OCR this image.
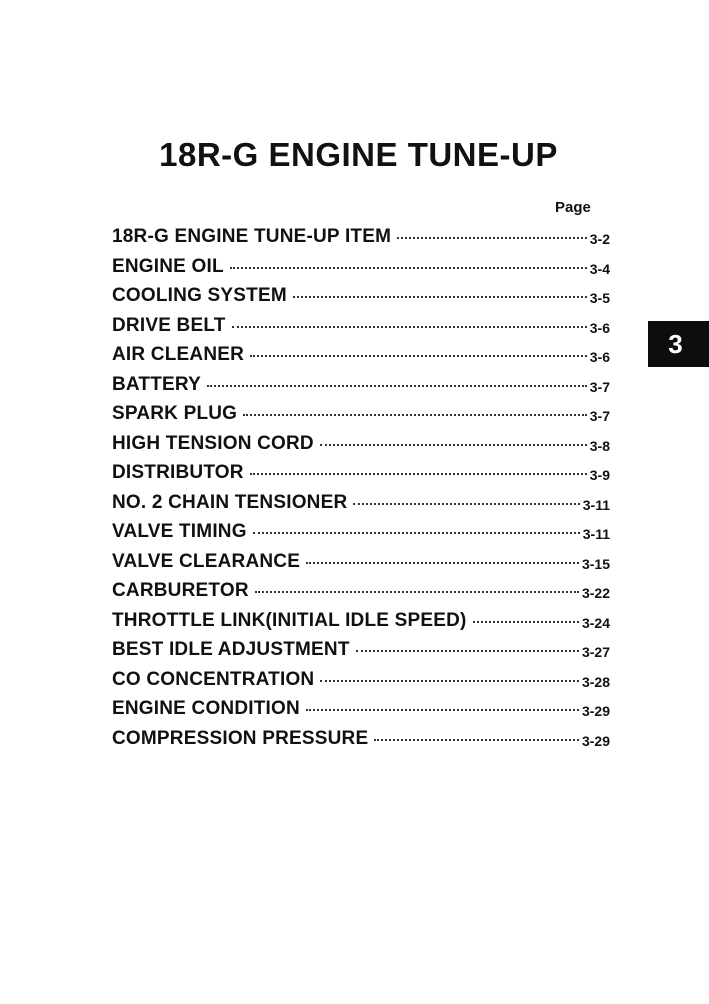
18R-G ENGINE TUNE-UP
Page
18R-G ENGINE TUNE-UP ITEM	3-2
ENGINE OIL	3-4
COOLING SYSTEM	3-5
DRIVE BELT	3-6
AIR CLEANER	3-6
BATTERY	3-7
SPARK PLUG	3-7
HIGH TENSION CORD	3-8
DISTRIBUTOR	3-9
NO. 2 CHAIN TENSIONER	3-11
VALVE TIMING	3-11
VALVE CLEARANCE	3-15
CARBURETOR	3-22
THROTTLE LINK(INITIAL IDLE SPEED)	3-24
BEST IDLE ADJUSTMENT	3-27
CO CONCENTRATION	3-28
ENGINE CONDITION	3-29
COMPRESSION PRESSURE	3-29
3
